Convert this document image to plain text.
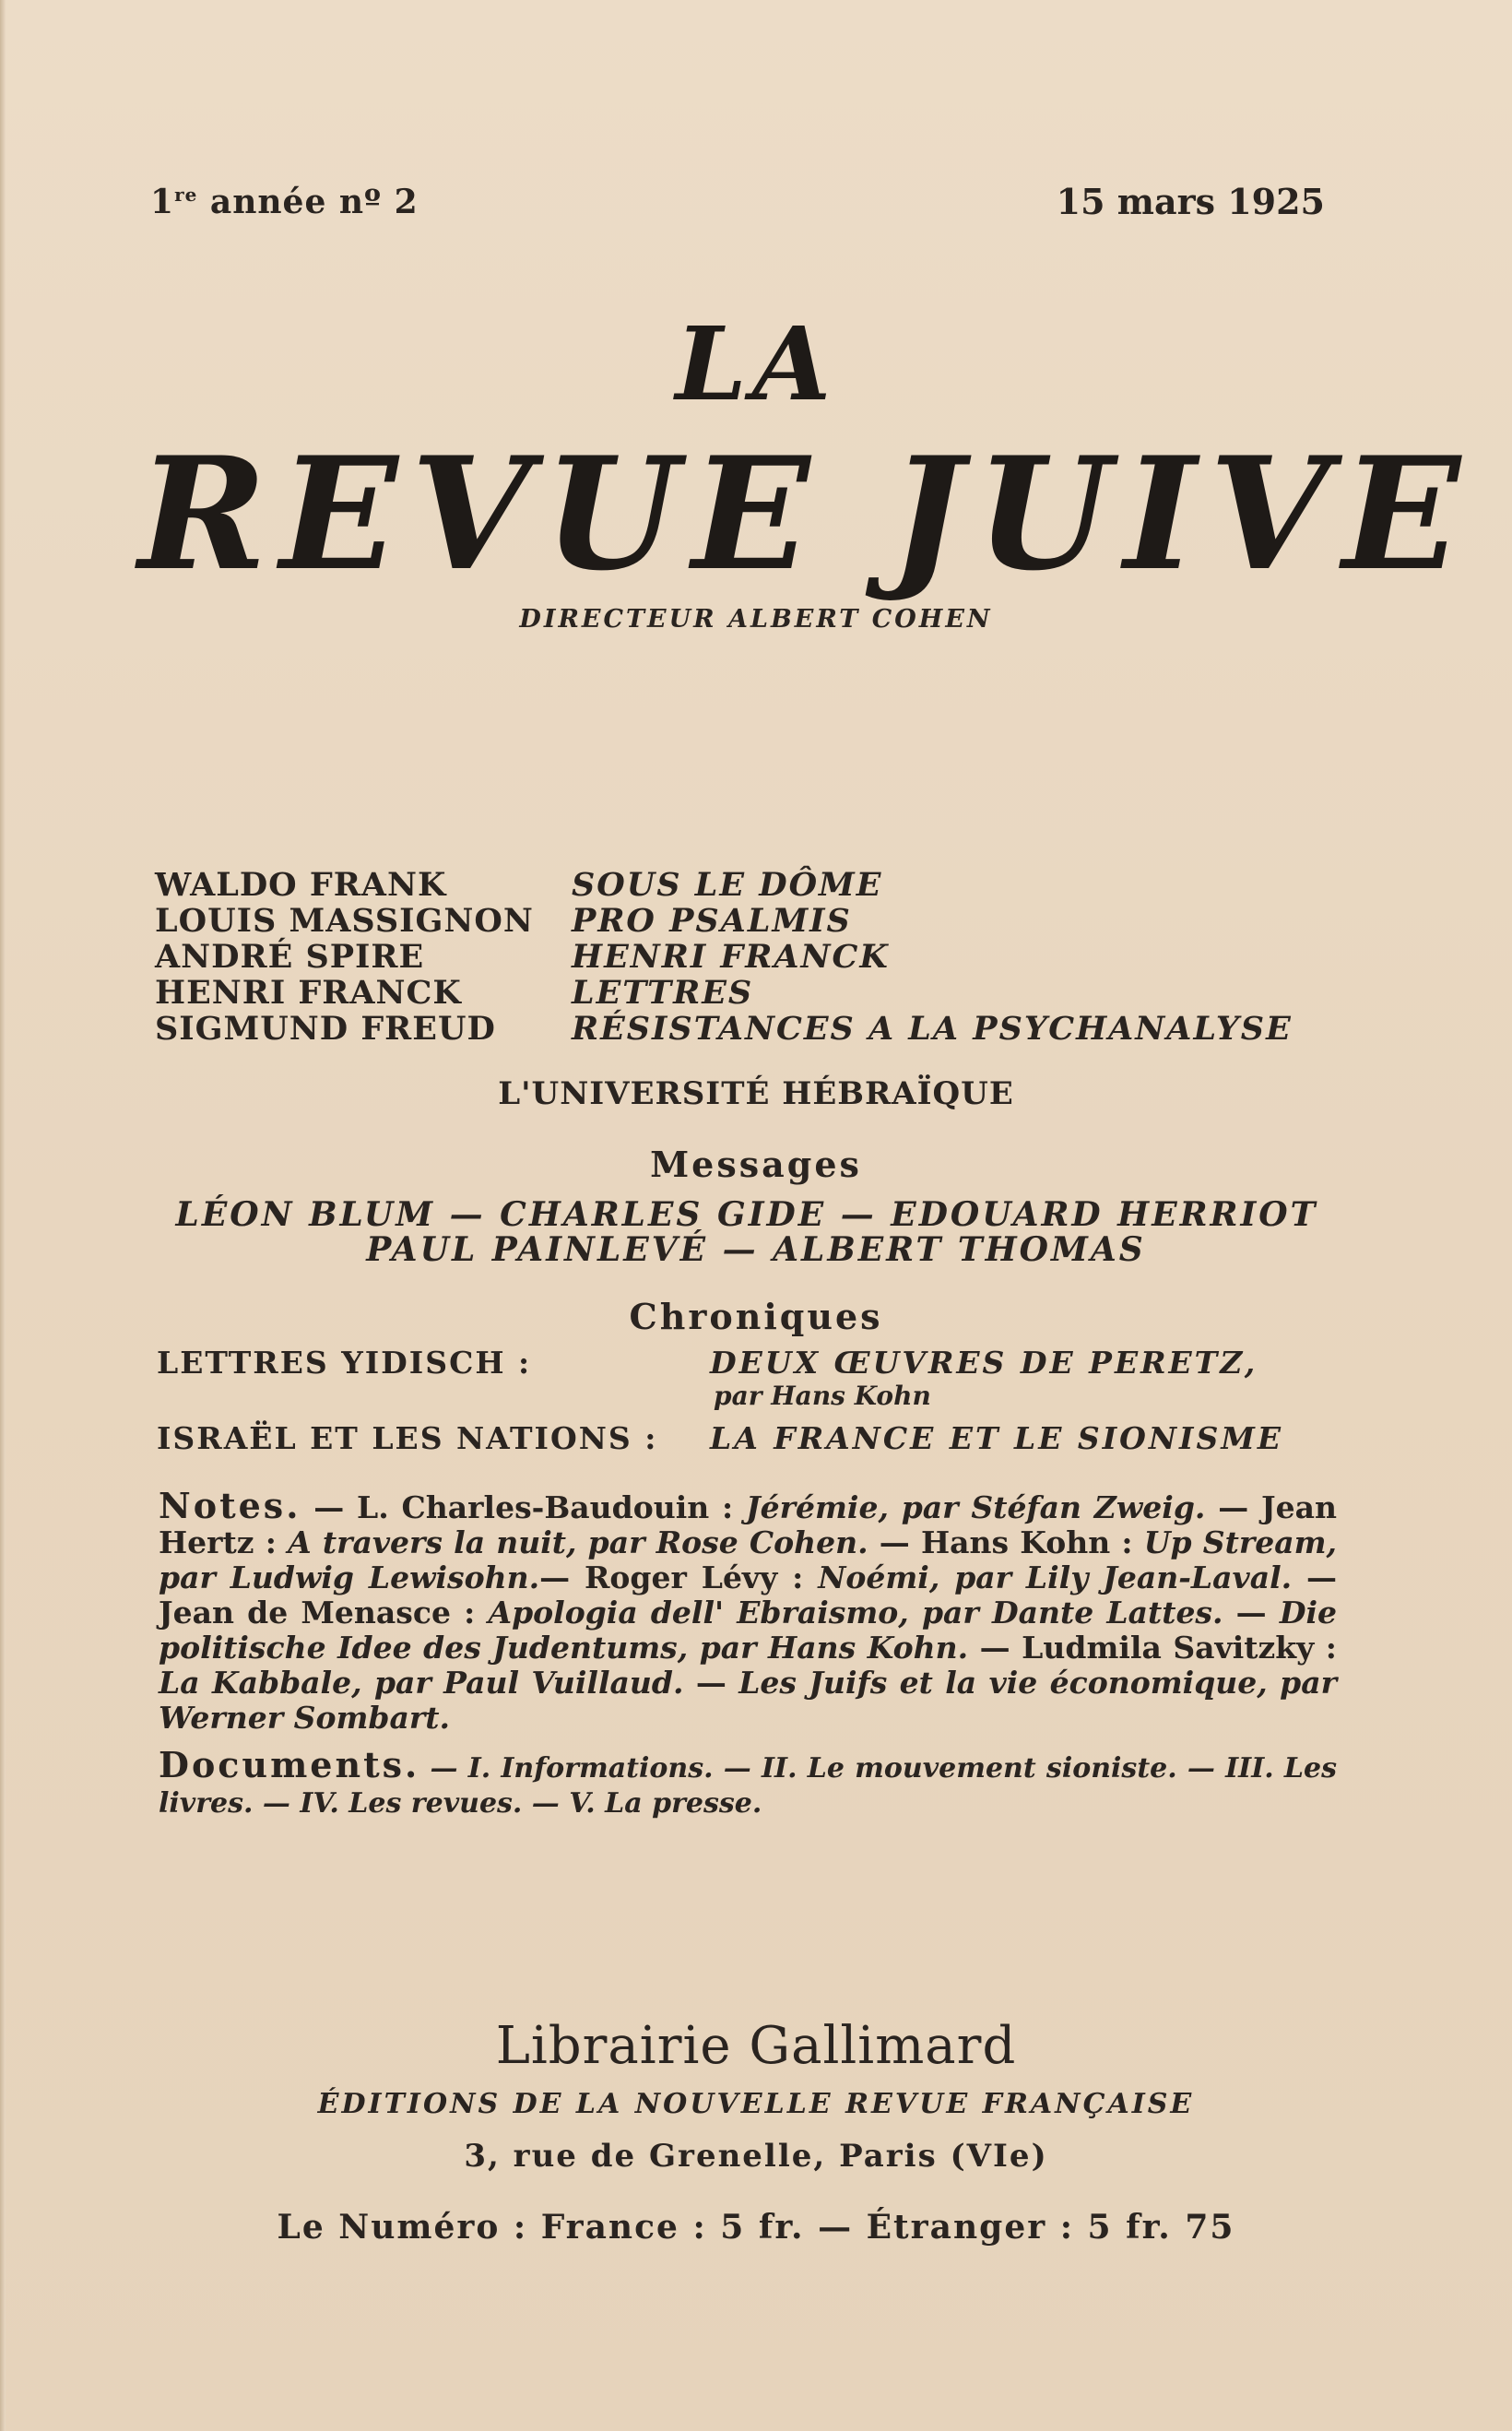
1re année nº 2	15 mars 1925
LA
REVUE JUIVE
DIRECTEUR ALBERT COHEN
WALDO FRANK	SOUS LE DÔME
LOUIS MASSIGNON	PRO PSALMIS
ANDRÉ SPIRE	HENRI FRANCK
HENRI FRANCK	LETTRES
SIGMUND FREUD	RÉSISTANCES A LA PSYCHANALYSE
L'UNIVERSITÉ HÉBRAÏQUE
Messages
LÉON BLUM — CHARLES GIDE — EDOUARD HERRIOT
PAUL PAINLEVÉ — ALBERT THOMAS
Chroniques
LETTRES YIDISCH :	DEUX ŒUVRES DE PERETZ,
par Hans Kohn
ISRAËL ET LES NATIONS :	LA FRANCE ET LE SIONISME
Notes. — L. Charles-Baudouin : Jérémie, par Stéfan Zweig. — Jean Hertz : A travers la nuit, par Rose Cohen. — Hans Kohn : Up Stream, par Ludwig Lewisohn.— Roger Lévy : Noémi, par Lily Jean-Laval. — Jean de Menasce : Apologia dell' Ebraismo, par Dante Lattes. — Die politische Idee des Judentums, par Hans Kohn. — Ludmila Savitzky : La Kabbale, par Paul Vuillaud. — Les Juifs et la vie économique, par Werner Sombart.
Documents. — I. Informations. — II. Le mouvement sioniste. — III. Les livres. — IV. Les revues. — V. La presse.
Librairie Gallimard
ÉDITIONS DE LA NOUVELLE REVUE FRANÇAISE
3, rue de Grenelle, Paris (VIe)
Le Numéro : France : 5 fr. — Étranger : 5 fr. 75
